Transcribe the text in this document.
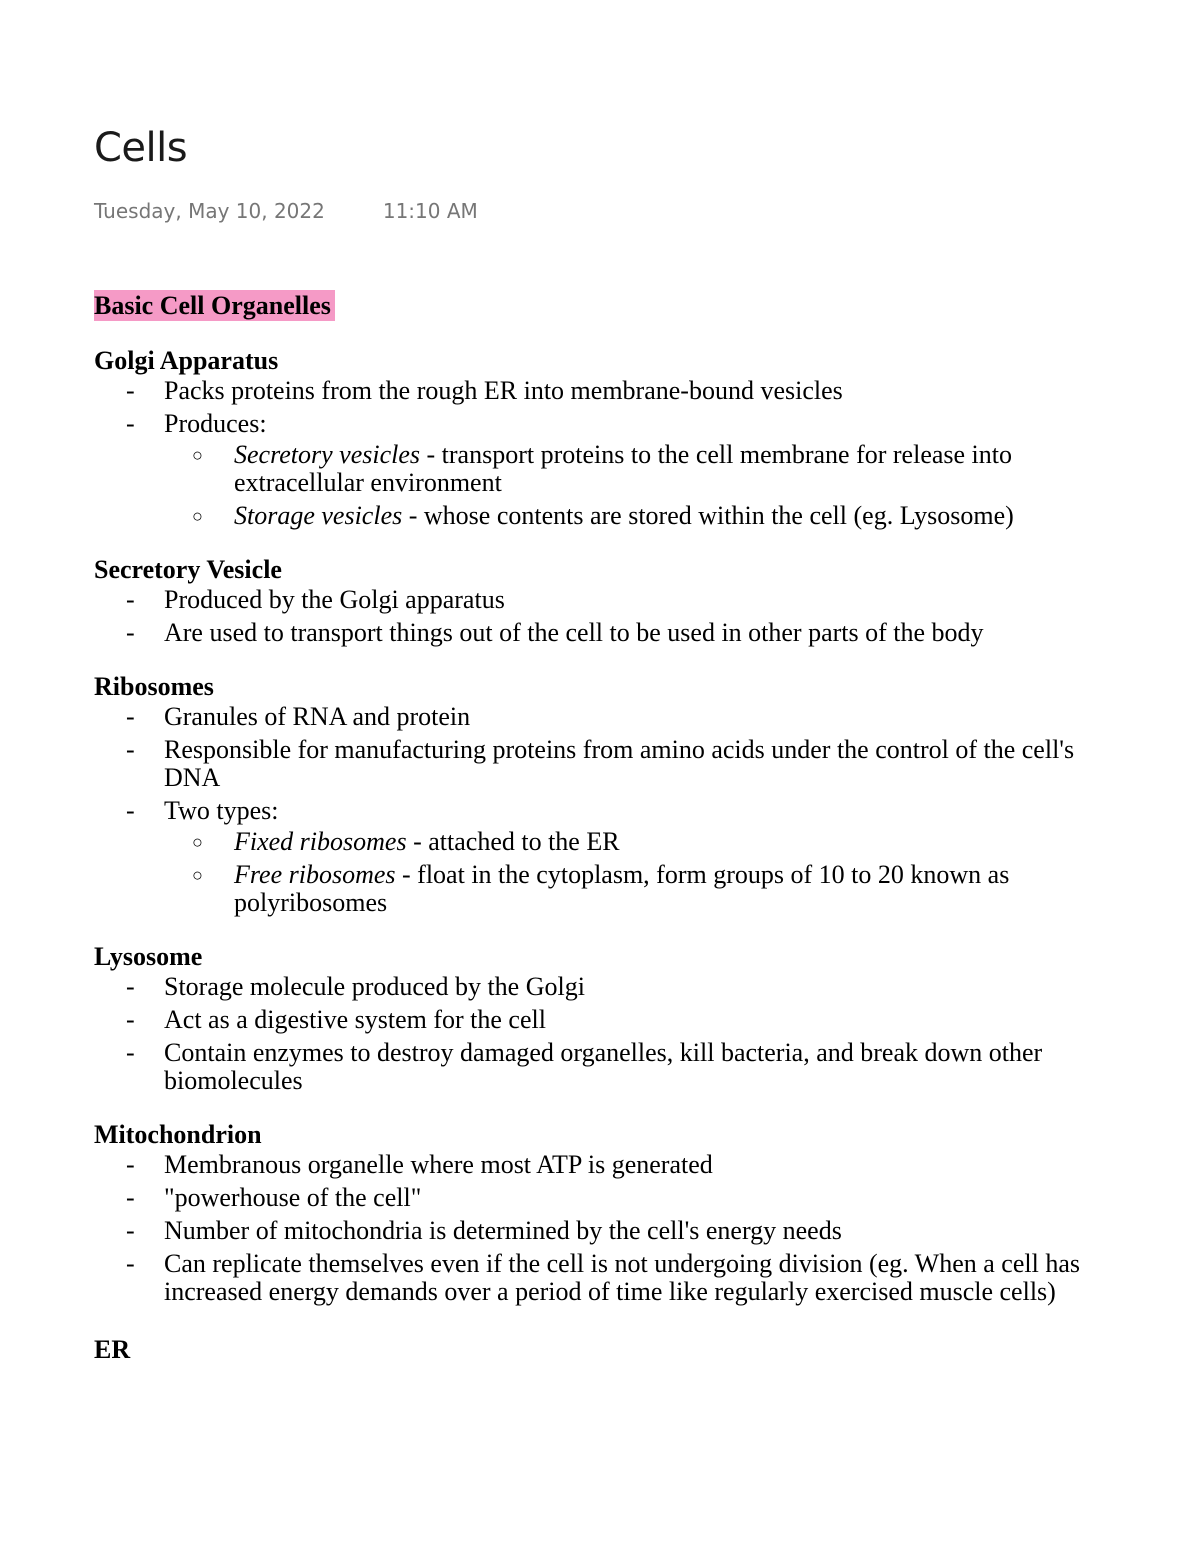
Cells
Tuesday, May 10, 2022	11:10 AM
Basic Cell Organelles
Golgi Apparatus
- Packs proteins from the rough ER into membrane-bound vesicles
- Produces:
○ Secretory vesicles - transport proteins to the cell membrane for release into extracellular environment
○ Storage vesicles - whose contents are stored within the cell (eg. Lysosome)
Secretory Vesicle
- Produced by the Golgi apparatus
- Are used to transport things out of the cell to be used in other parts of the body
Ribosomes
- Granules of RNA and protein
- Responsible for manufacturing proteins from amino acids under the control of the cell's DNA
- Two types:
○ Fixed ribosomes - attached to the ER
○ Free ribosomes - float in the cytoplasm, form groups of 10 to 20 known as polyribosomes
Lysosome
- Storage molecule produced by the Golgi
- Act as a digestive system for the cell
- Contain enzymes to destroy damaged organelles, kill bacteria, and break down other biomolecules
Mitochondrion
- Membranous organelle where most ATP is generated
- "powerhouse of the cell"
- Number of mitochondria is determined by the cell's energy needs
- Can replicate themselves even if the cell is not undergoing division (eg. When a cell has increased energy demands over a period of time like regularly exercised muscle cells)
ER
